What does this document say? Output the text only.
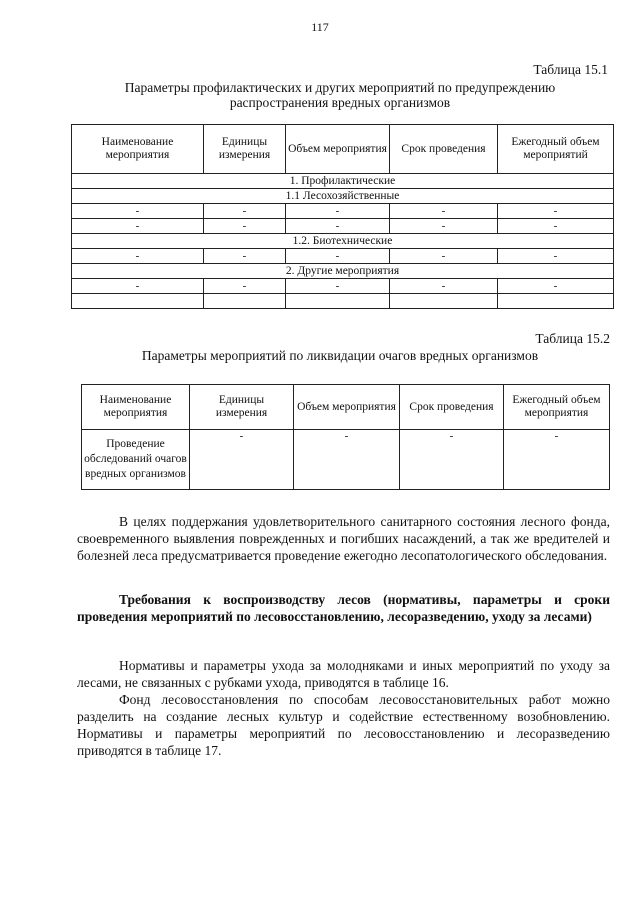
117
Таблица 15.1
Параметры профилактических и других мероприятий по предупреждению
распространения вредных организмов
Наименование мероприятия	Единицы измерения	Объем мероприятия	Срок проведения	Ежегодный объем мероприятий
1. Профилактические				
1.1 Лесохозяйственные				
-	-	-	-	-
-	-	-	-	-
1.2. Биотехнические				
-	-	-	-	-
2. Другие мероприятия				
-	-	-	-	-

Таблица 15.2
Параметры мероприятий по ликвидации очагов вредных организмов
Наименование мероприятия	Единицы измерения	Объем мероприятия	Срок проведения	Ежегодный объем мероприятия
Проведение обследований очагов вредных организмов	-	-	-	-
В целях поддержания удовлетворительного санитарного состояния лесного фонда, своевременного выявления поврежденных и погибших насаждений, а так же вредителей и болезней леса предусматривается проведение ежегодно лесопатологического обследования.
Требования к воспроизводству лесов (нормативы, параметры и сроки проведения мероприятий по лесовосстановлению, лесоразведению, уходу за лесами)
Нормативы и параметры ухода за молодняками и иных мероприятий по уходу за лесами, не связанных с рубками ухода, приводятся в таблице 16.
Фонд лесовосстановления по способам лесовосстановительных работ можно разделить на создание лесных культур и содействие естественному возобновлению. Нормативы и параметры мероприятий по лесовосстановлению и лесоразведению приводятся в таблице 17.
